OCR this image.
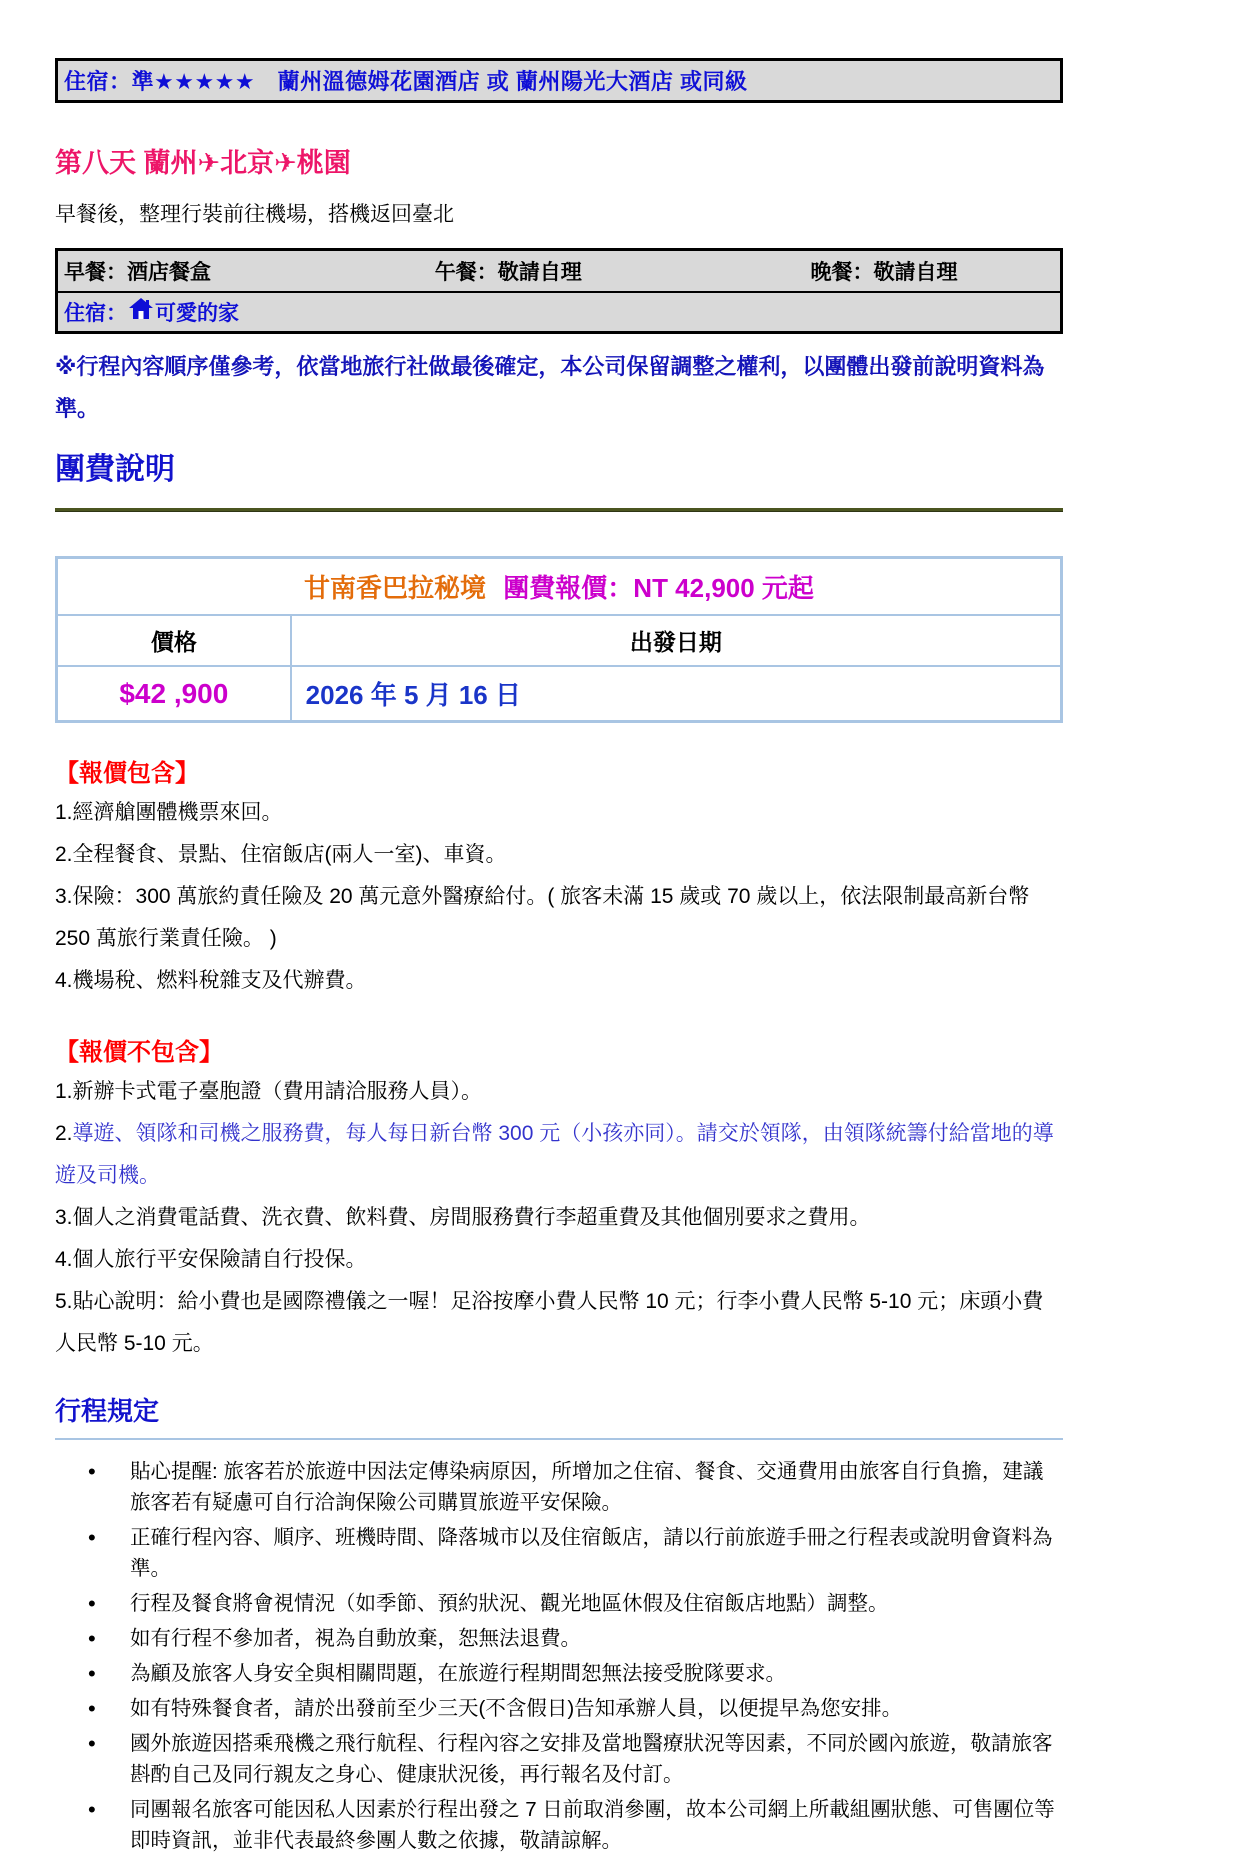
住宿：準★★★★★　蘭州溫德姆花園酒店 或 蘭州陽光大酒店 或同級
第八天 蘭州✈北京✈桃園
早餐後，整理行裝前往機場，搭機返回臺北
早餐：酒店餐盒	午餐：敬請自理	晚餐：敬請自理
住宿： 可愛的家
※行程內容順序僅參考，依當地旅行社做最後確定，本公司保留調整之權利，以團體出發前說明資料為準。
團費說明
甘南香巴拉秘境 團費報價：NT 42,900 元起	
價格	出發日期
$42 ,900	2026 年 5 月 16 日
【報價包含】
1.經濟艙團體機票來回。
2.全程餐食、景點、住宿飯店(兩人一室)、車資。
3.保險：300 萬旅約責任險及 20 萬元意外醫療給付。( 旅客未滿 15 歲或 70 歲以上，依法限制最高新台幣 250 萬旅行業責任險。 )
4.機場稅、燃料稅雜支及代辦費。
【報價不包含】
1.新辦卡式電子臺胞證（費用請洽服務人員）。
2.導遊、領隊和司機之服務費，每人每日新台幣 300 元（小孩亦同）。請交於領隊，由領隊統籌付給當地的導遊及司機。
3.個人之消費電話費、洗衣費、飲料費、房間服務費行李超重費及其他個別要求之費用。
4.個人旅行平安保險請自行投保。
5.貼心說明：給小費也是國際禮儀之一喔！足浴按摩小費人民幣 10 元；行李小費人民幣 5-10 元；床頭小費人民幣 5-10 元。
行程規定
• 貼心提醒: 旅客若於旅遊中因法定傳染病原因，所增加之住宿、餐食、交通費用由旅客自行負擔，建議旅客若有疑慮可自行洽詢保險公司購買旅遊平安保險。
• 正確行程內容、順序、班機時間、降落城市以及住宿飯店，請以行前旅遊手冊之行程表或說明會資料為準。
• 行程及餐食將會視情況（如季節、預約狀況、觀光地區休假及住宿飯店地點）調整。
• 如有行程不參加者，視為自動放棄，恕無法退費。
• 為顧及旅客人身安全與相關問題，在旅遊行程期間恕無法接受脫隊要求。
• 如有特殊餐食者，請於出發前至少三天(不含假日)告知承辦人員，以便提早為您安排。
• 國外旅遊因搭乘飛機之飛行航程、行程內容之安排及當地醫療狀況等因素，不同於國內旅遊，敬請旅客斟酌自己及同行親友之身心、健康狀況後，再行報名及付訂。
• 同團報名旅客可能因私人因素於行程出發之 7 日前取消參團，故本公司網上所載組團狀態、可售團位等即時資訊，並非代表最終參團人數之依據，敬請諒解。
